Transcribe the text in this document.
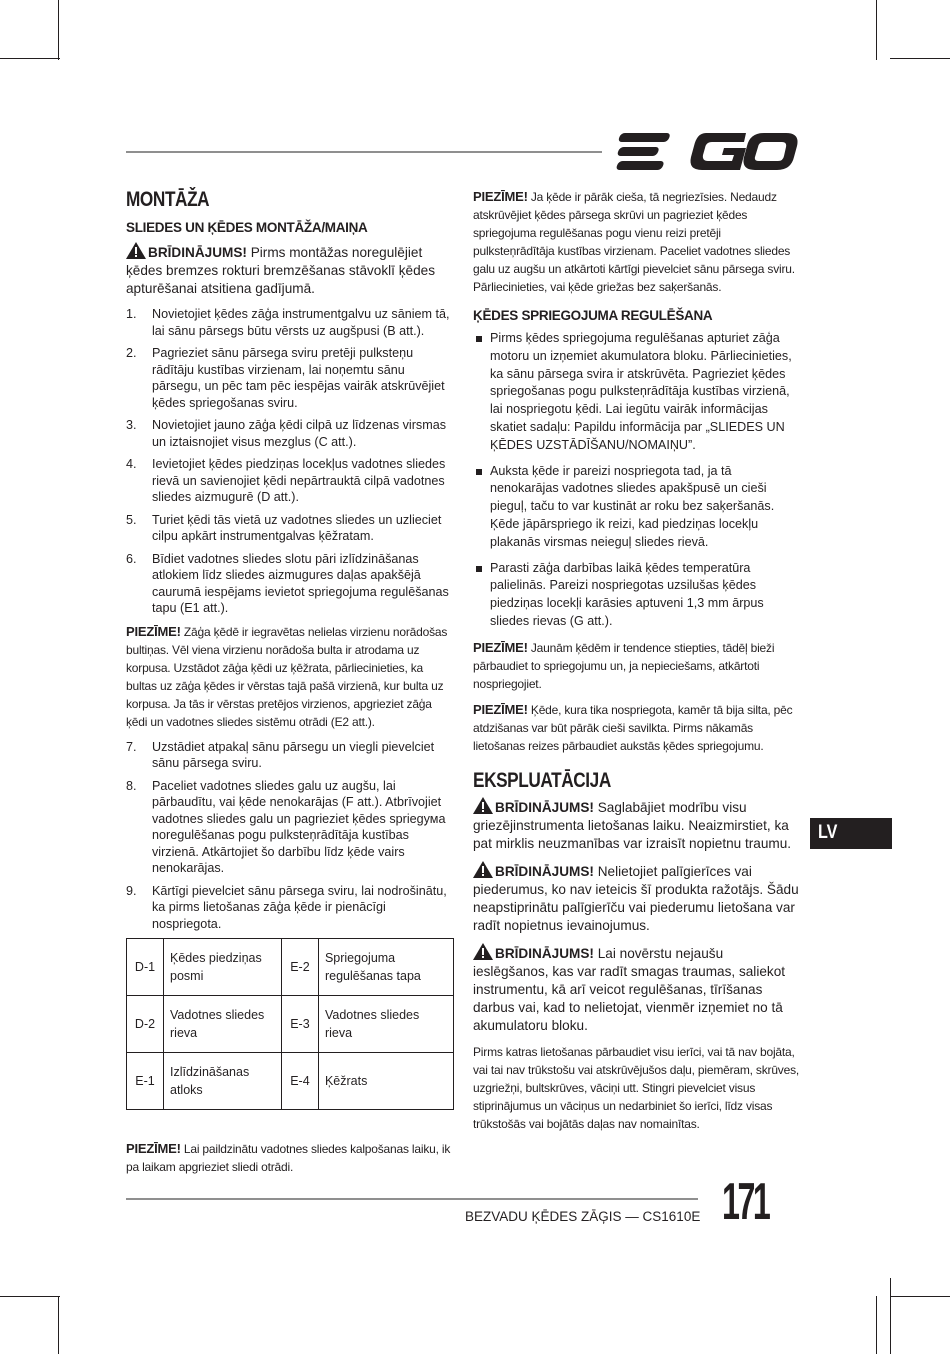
MONTĀŽA
SLIEDES UN ĶĒDES MONTĀŽA/MAIŅA
BRĪDINĀJUMS! Pirms montāžas noregulējiet ķēdes bremzes rokturi bremzēšanas stāvoklī ķēdes apturēšanai atsitiena gadījumā.
1. Novietojiet ķēdes zāģa instrumentgalvu uz sāniem tā, lai sānu pārsegs būtu vērsts uz augšpusi (B att.).
2. Pagrieziet sānu pārsega sviru pretēji pulksteņu rādītāju kustības virzienam, lai noņemtu sānu pārsegu, un pēc tam pēc iespējas vairāk atskrūvējiet ķēdes spriegošanas sviru.
3. Novietojiet jauno zāģa ķēdi cilpā uz līdzenas virsmas un iztaisnojiet visus mezglus (C att.).
4. Ievietojiet ķēdes piedziņas locekļus vadotnes sliedes rievā un savienojiet ķēdi nepārtrauktā cilpā vadotnes sliedes aizmugurē (D att.).
5. Turiet ķēdi tās vietā uz vadotnes sliedes un uzlieciet cilpu apkārt instrumentgalvas ķēžratam.
6. Bīdiet vadotnes sliedes slotu pāri izlīdzināšanas atlokiem līdz sliedes aizmugures daļas apakšējā caurumā iespējams ievietot spriegojuma regulēšanas tapu (E1 att.).
PIEZĪME! Zāģa ķēdē ir iegravētas nelielas virzienu norādošas bultiņas. Vēl viena virzienu norādoša bulta ir atrodama uz korpusa. Uzstādot zāģa ķēdi uz ķēžrata, pārliecinieties, ka bultas uz zāģa ķēdes ir vērstas tajā pašā virzienā, kur bulta uz korpusa. Ja tās ir vērstas pretējos virzienos, apgrieziet zāģa ķēdi un vadotnes sliedes sistēmu otrādi (E2 att.).
7. Uzstādiet atpakaļ sānu pārsegu un viegli pievelciet sānu pārsega sviru.
8. Paceliet vadotnes sliedes galu uz augšu, lai pārbaudītu, vai ķēde nenokarājas (F att.). Atbrīvojiet vadotnes sliedes galu un pagrieziet ķēdes spriegума noregulēšanas pogu pulksteņrādītāja kustības virzienā. Atkārtojiet šo darbību līdz ķēde vairs nenokarājas.
9. Kārtīgi pievelciet sānu pārsega sviru, lai nodrošinātu, ka pirms lietošanas zāģa ķēde ir pienācīgi nospriegota.
D-1	Ķēdes piedziņas posmi	E-2	Spriegojuma regulēšanas tapa
D-2	Vadotnes sliedes rieva	E-3	Vadotnes sliedes rieva
E-1	Izlīdzināšanas atloks	E-4	Ķēžrats
PIEZĪME! Lai paildzinātu vadotnes sliedes kalpošanas laiku, ik pa laikam apgrieziet sliedi otrādi.
PIEZĪME! Ja ķēde ir pārāk cieša, tā negriezīsies. Nedaudz atskrūvējiet ķēdes pārsega skrūvi un pagrieziet ķēdes spriegojuma regulēšanas pogu vienu reizi pretēji pulksteņrādītāja kustības virzienam. Paceliet vadotnes sliedes galu uz augšu un atkārtoti kārtīgi pievelciet sānu pārsega sviru. Pārliecinieties, vai ķēde griežas bez saķeršanās.
ĶĒDES SPRIEGOJUMA REGULĒŠANA
Pirms ķēdes spriegojuma regulēšanas apturiet zāģa motoru un izņemiet akumulatora bloku. Pārliecinieties, ka sānu pārsega svira ir atskrūvēta. Pagrieziet ķēdes spriegošanas pogu pulksteņrādītāja kustības virzienā, lai nospriegotu ķēdi. Lai iegūtu vairāk informācijas skatiet sadaļu: Papildu informācija par „SLIEDES UN ĶĒDES UZSTĀDĪŠANU/NOMAIŅU”.
Auksta ķēde ir pareizi nospriegota tad, ja tā nenokarājas vadotnes sliedes apakšpusē un cieši pieguļ, taču to var kustināt ar roku bez saķeršanās. Ķēde jāpārspriego ik reizi, kad piedziņas locekļu plakanās virsmas neieguļ sliedes rievā.
Parasti zāģa darbības laikā ķēdes temperatūra palielinās. Pareizi nospriegotas uzsilušas ķēdes piedziņas locekļi karāsies aptuveni 1,3 mm ārpus sliedes rievas (G att.).
PIEZĪME! Jaunām ķēdēm ir tendence stiepties, tādēļ bieži pārbaudiet to spriegojumu un, ja nepieciešams, atkārtoti nospriegojiet.
PIEZĪME! Ķēde, kura tika nospriegota, kamēr tā bija silta, pēc atdzišanas var būt pārāk cieši savilkta. Pirms nākamās lietošanas reizes pārbaudiet aukstās ķēdes spriegojumu.
EKSPLUATĀCIJA
BRĪDINĀJUMS! Saglabājiet modrību visu griezējinstrumenta lietošanas laiku. Neaizmirstiet, ka pat mirklis neuzmanības var izraisīt nopietnu traumu.
BRĪDINĀJUMS! Nelietojiet palīgierīces vai piederumus, ko nav ieteicis šī produkta ražotājs. Šādu neapstiprinātu palīgierīču vai piederumu lietošana var radīt nopietnus ievainojumus.
BRĪDINĀJUMS! Lai novērstu nejaušu ieslēgšanos, kas var radīt smagas traumas, saliekot instrumentu, kā arī veicot regulēšanas, tīrīšanas darbus vai, kad to nelietojat, vienmēr izņemiet no tā akumulatoru bloku.
Pirms katras lietošanas pārbaudiet visu ierīci, vai tā nav bojāta, vai tai nav trūkstošu vai atskrūvējušos daļu, piemēram, skrūves, uzgriežņi, bultskrūves, vāciņi utt. Stingri pievelciet visus stiprinājumus un vāciņus un nedarbiniet šo ierīci, līdz visas trūkstošās vai bojātās daļas nav nomainītas.
LV
BEZVADU ĶĒDES ZĀĢIS — CS1610E 171
